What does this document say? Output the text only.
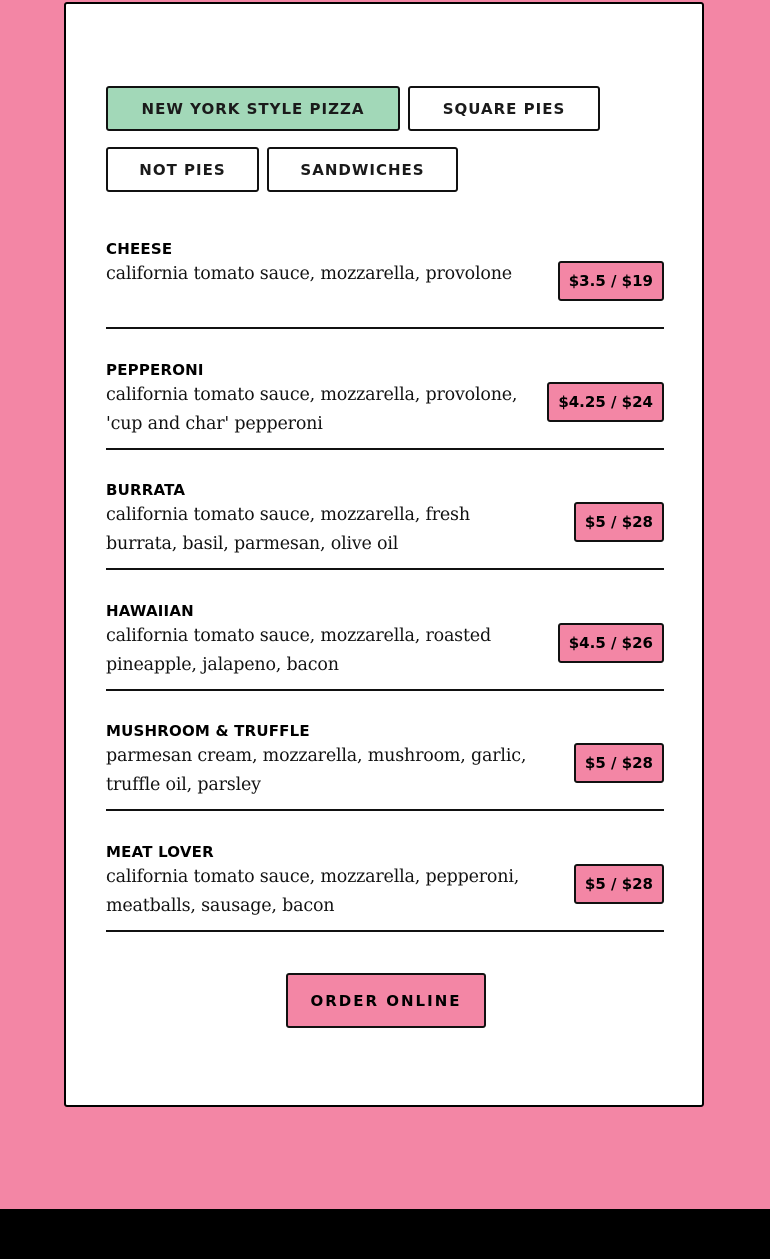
NEW YORK STYLE PIZZA	SQUARE PIES
NOT PIES	SANDWICHES
CHEESE
california tomato sauce, mozzarella, provolone	$3.5 / $19
PEPPERONI
california tomato sauce, mozzarella, provolone, 'cup and char' pepperoni
$4.25 / $24
BURRATA
california tomato sauce, mozzarella, fresh burrata, basil, parmesan, olive oil
$5 / $28
HAWAIIAN
california tomato sauce, mozzarella, roasted pineapple, jalapeno, bacon
$4.5 / $26
MUSHROOM & TRUFFLE
parmesan cream, mozzarella, mushroom, garlic, truffle oil, parsley
$5 / $28
MEAT LOVER
california tomato sauce, mozzarella, pepperoni, meatballs, sausage, bacon
$5 / $28
ORDER ONLINE
